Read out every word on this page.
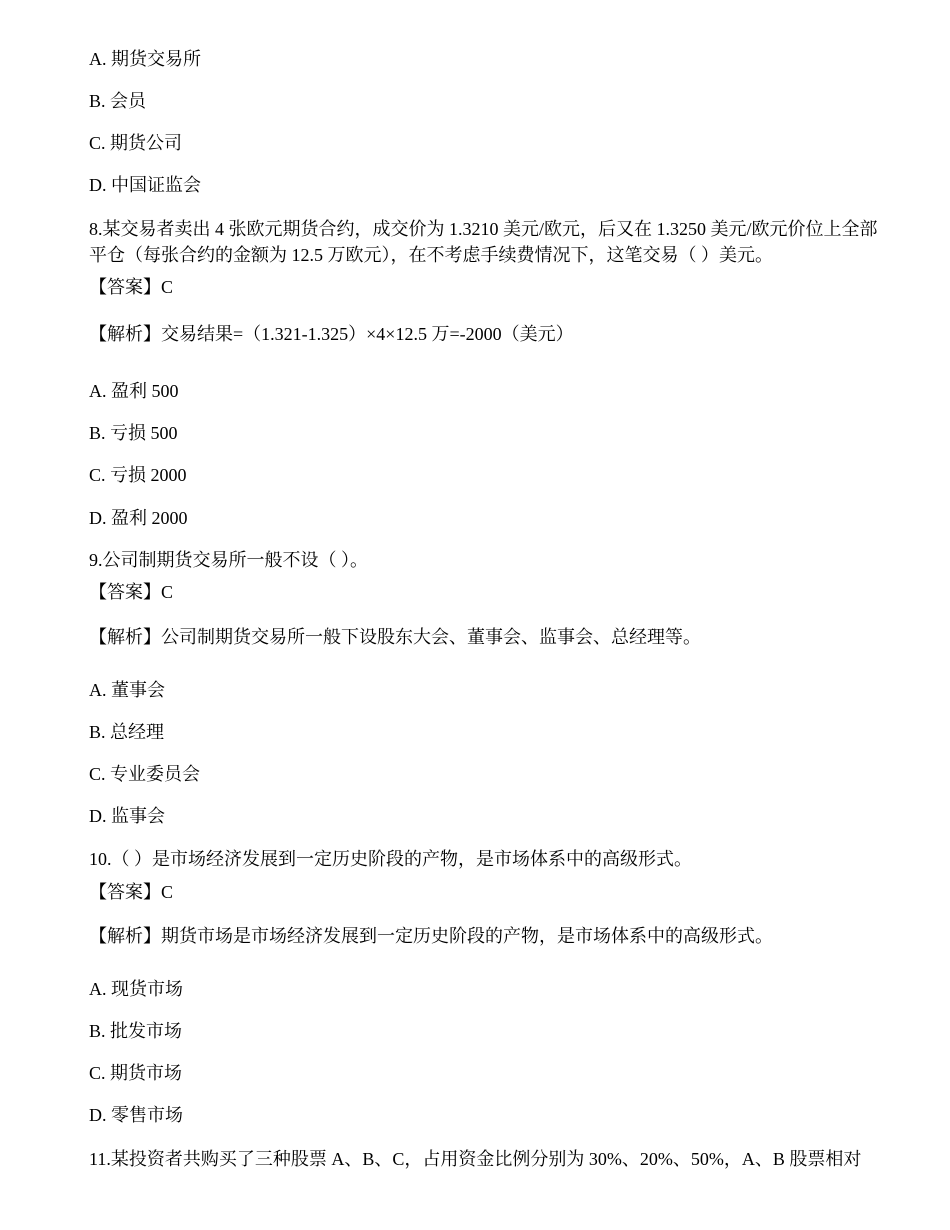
A. 期货交易所

B. 会员

C. 期货公司

D. 中国证监会

8.某交易者卖出 4 张欧元期货合约，成交价为 1.3210 美元/欧元，后又在 1.3250 美元/欧元价位上全部

平仓（每张合约的金额为 12.5 万欧元），在不考虑手续费情况下，这笔交易（ ）美元。

【答案】C

【解析】交易结果=（1.321-1.325）×4×12.5 万=-2000（美元）

A. 盈利 500

B. 亏损 500

C. 亏损 2000

D. 盈利 2000

9.公司制期货交易所一般不设（ ）。

【答案】C

【解析】公司制期货交易所一般下设股东大会、董事会、监事会、总经理等。

A. 董事会

B. 总经理

C. 专业委员会

D. 监事会

10.（ ）是市场经济发展到一定历史阶段的产物，是市场体系中的高级形式。

【答案】C

【解析】期货市场是市场经济发展到一定历史阶段的产物，是市场体系中的高级形式。

A. 现货市场

B. 批发市场

C. 期货市场

D. 零售市场

11.某投资者共购买了三种股票 A、B、C，占用资金比例分别为 30%、20%、50%，A、B 股票相对
